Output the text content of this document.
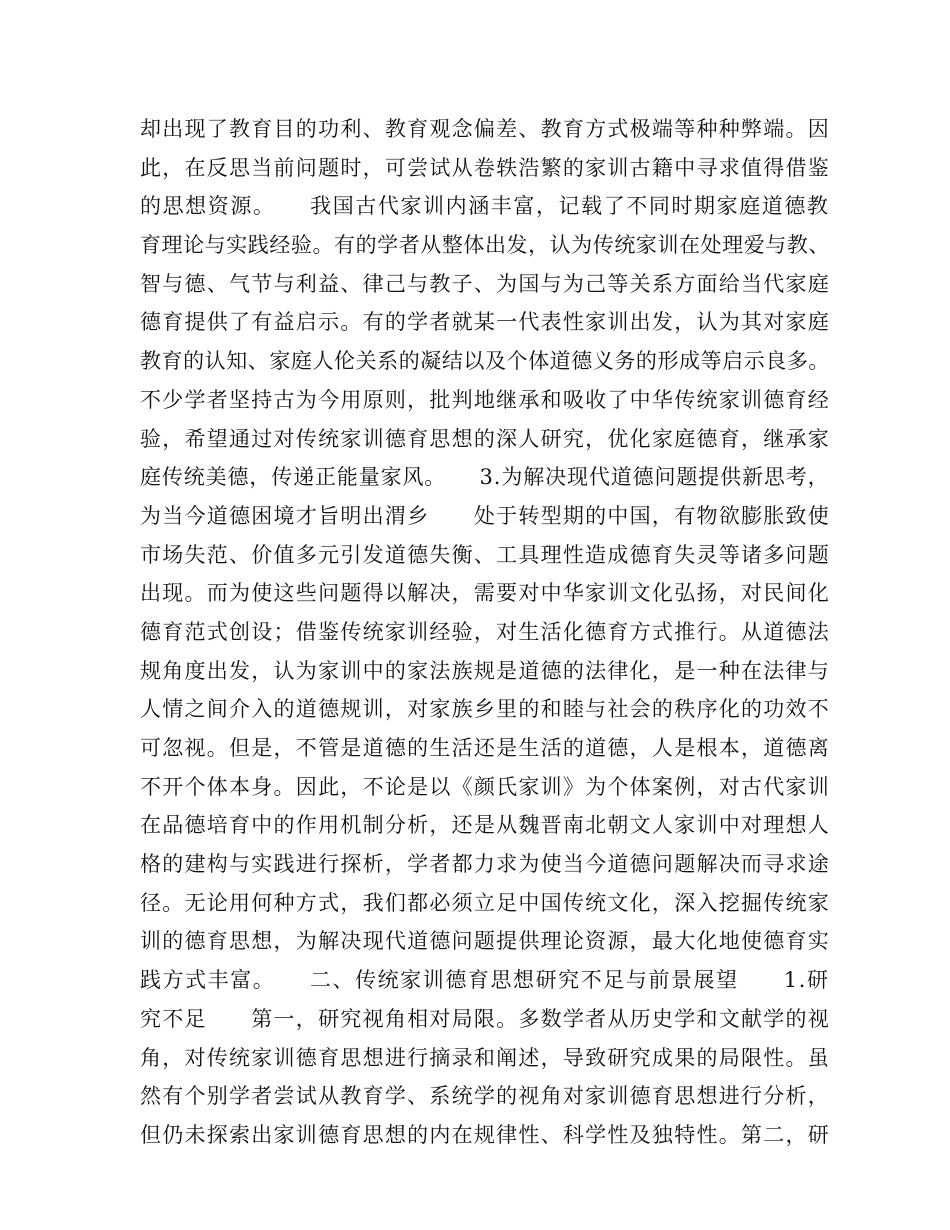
却出现了教育目的功利、教育观念偏差、教育方式极端等种种弊端。因
此，在反思当前问题时，可尝试从卷轶浩繁的家训古籍中寻求值得借鉴
的思想资源。　　我国古代家训内涵丰富，记载了不同时期家庭道德教
育理论与实践经验。有的学者从整体出发，认为传统家训在处理爱与教、
智与德、气节与利益、律己与教子、为国与为己等关系方面给当代家庭
德育提供了有益启示。有的学者就某一代表性家训出发，认为其对家庭
教育的认知、家庭人伦关系的凝结以及个体道德义务的形成等启示良多。
不少学者坚持古为今用原则，批判地继承和吸收了中华传统家训德育经
验，希望通过对传统家训德育思想的深人研究，优化家庭德育，继承家
庭传统美德，传递正能量家风。　　3.为解决现代道德问题提供新思考，
为当今道德困境才旨明出渭乡　　处于转型期的中国，有物欲膨胀致使
市场失范、价值多元引发道德失衡、工具理性造成德育失灵等诸多问题
出现。而为使这些问题得以解决，需要对中华家训文化弘扬，对民间化
德育范式创设；借鉴传统家训经验，对生活化德育方式推行。从道德法
规角度出发，认为家训中的家法族规是道德的法律化，是一种在法律与
人情之间介入的道德规训，对家族乡里的和睦与社会的秩序化的功效不
可忽视。但是，不管是道德的生活还是生活的道德，人是根本，道德离
不开个体本身。因此，不论是以《颜氏家训》为个体案例，对古代家训
在品德培育中的作用机制分析，还是从魏晋南北朝文人家训中对理想人
格的建构与实践进行探析，学者都力求为使当今道德问题解决而寻求途
径。无论用何种方式，我们都必须立足中国传统文化，深入挖掘传统家
训的德育思想，为解决现代道德问题提供理论资源，最大化地使德育实
践方式丰富。　　二、传统家训德育思想研究不足与前景展望　　1.研
究不足　　第一，研究视角相对局限。多数学者从历史学和文献学的视
角，对传统家训德育思想进行摘录和阐述，导致研究成果的局限性。虽
然有个别学者尝试从教育学、系统学的视角对家训德育思想进行分析，
但仍未探索出家训德育思想的内在规律性、科学性及独特性。第二，研
